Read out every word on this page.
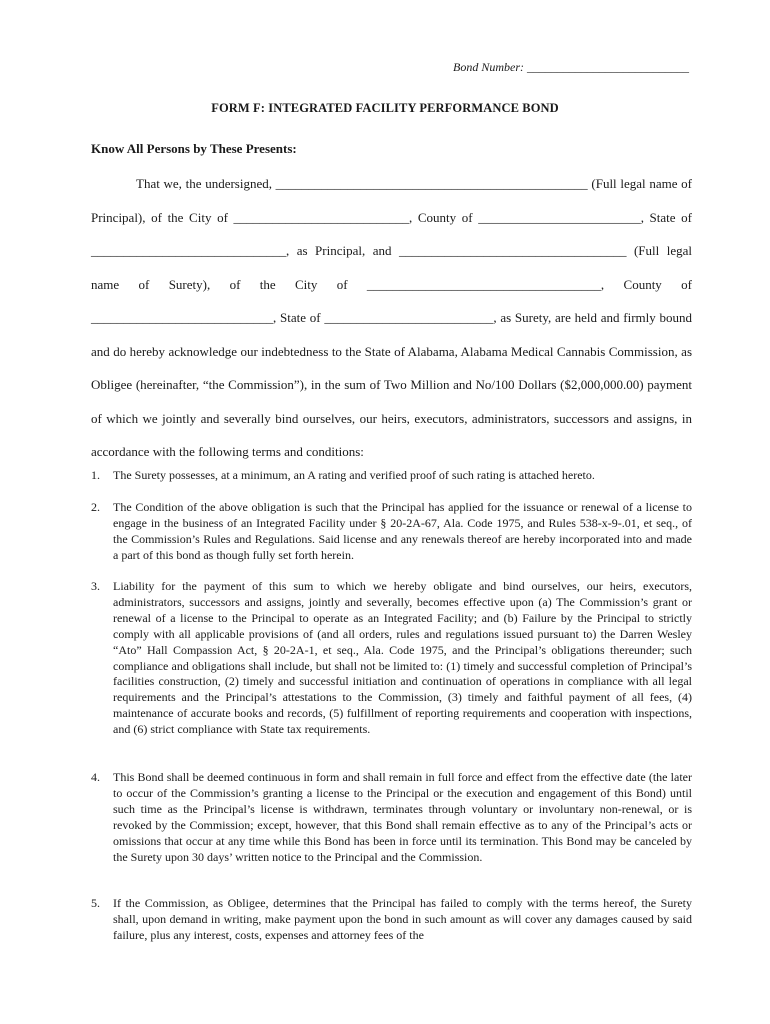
Bond Number: ___________________________
FORM F: INTEGRATED FACILITY PERFORMANCE BOND
Know All Persons by These Presents:
That we, the undersigned, ________________________________________________ (Full legal name of Principal), of the City of ___________________________, County of _________________________, State of ______________________________, as Principal, and ___________________________________ (Full legal name of Surety), of the City of ____________________________________, County of ____________________________, State of __________________________, as Surety, are held and firmly bound and do hereby acknowledge our indebtedness to the State of Alabama, Alabama Medical Cannabis Commission, as Obligee (hereinafter, “the Commission”), in the sum of Two Million and No/100 Dollars ($2,000,000.00) payment of which we jointly and severally bind ourselves, our heirs, executors, administrators, successors and assigns, in accordance with the following terms and conditions:
1.	The Surety possesses, at a minimum, an A rating and verified proof of such rating is attached hereto.
2.	The Condition of the above obligation is such that the Principal has applied for the issuance or renewal of a license to engage in the business of an Integrated Facility under § 20-2A-67, Ala. Code 1975, and Rules 538-x-9-.01, et seq., of the Commission’s Rules and Regulations. Said license and any renewals thereof are hereby incorporated into and made a part of this bond as though fully set forth herein.
3.	Liability for the payment of this sum to which we hereby obligate and bind ourselves, our heirs, executors, administrators, successors and assigns, jointly and severally, becomes effective upon (a) The Commission’s grant or renewal of a license to the Principal to operate as an Integrated Facility; and (b) Failure by the Principal to strictly comply with all applicable provisions of (and all orders, rules and regulations issued pursuant to) the Darren Wesley “Ato” Hall Compassion Act, § 20-2A-1, et seq., Ala. Code 1975, and the Principal’s obligations thereunder; such compliance and obligations shall include, but shall not be limited to: (1) timely and successful completion of Principal’s facilities construction, (2) timely and successful initiation and continuation of operations in compliance with all legal requirements and the Principal’s attestations to the Commission, (3) timely and faithful payment of all fees, (4) maintenance of accurate books and records, (5) fulfillment of reporting requirements and cooperation with inspections, and (6) strict compliance with State tax requirements.
4.	This Bond shall be deemed continuous in form and shall remain in full force and effect from the effective date (the later to occur of the Commission’s granting a license to the Principal or the execution and engagement of this Bond) until such time as the Principal’s license is withdrawn, terminates through voluntary or involuntary non-renewal, or is revoked by the Commission; except, however, that this Bond shall remain effective as to any of the Principal’s acts or omissions that occur at any time while this Bond has been in force until its termination. This Bond may be canceled by the Surety upon 30 days’ written notice to the Principal and the Commission.
5.	If the Commission, as Obligee, determines that the Principal has failed to comply with the terms hereof, the Surety shall, upon demand in writing, make payment upon the bond in such amount as will cover any damages caused by said failure, plus any interest, costs, expenses and attorney fees of the
